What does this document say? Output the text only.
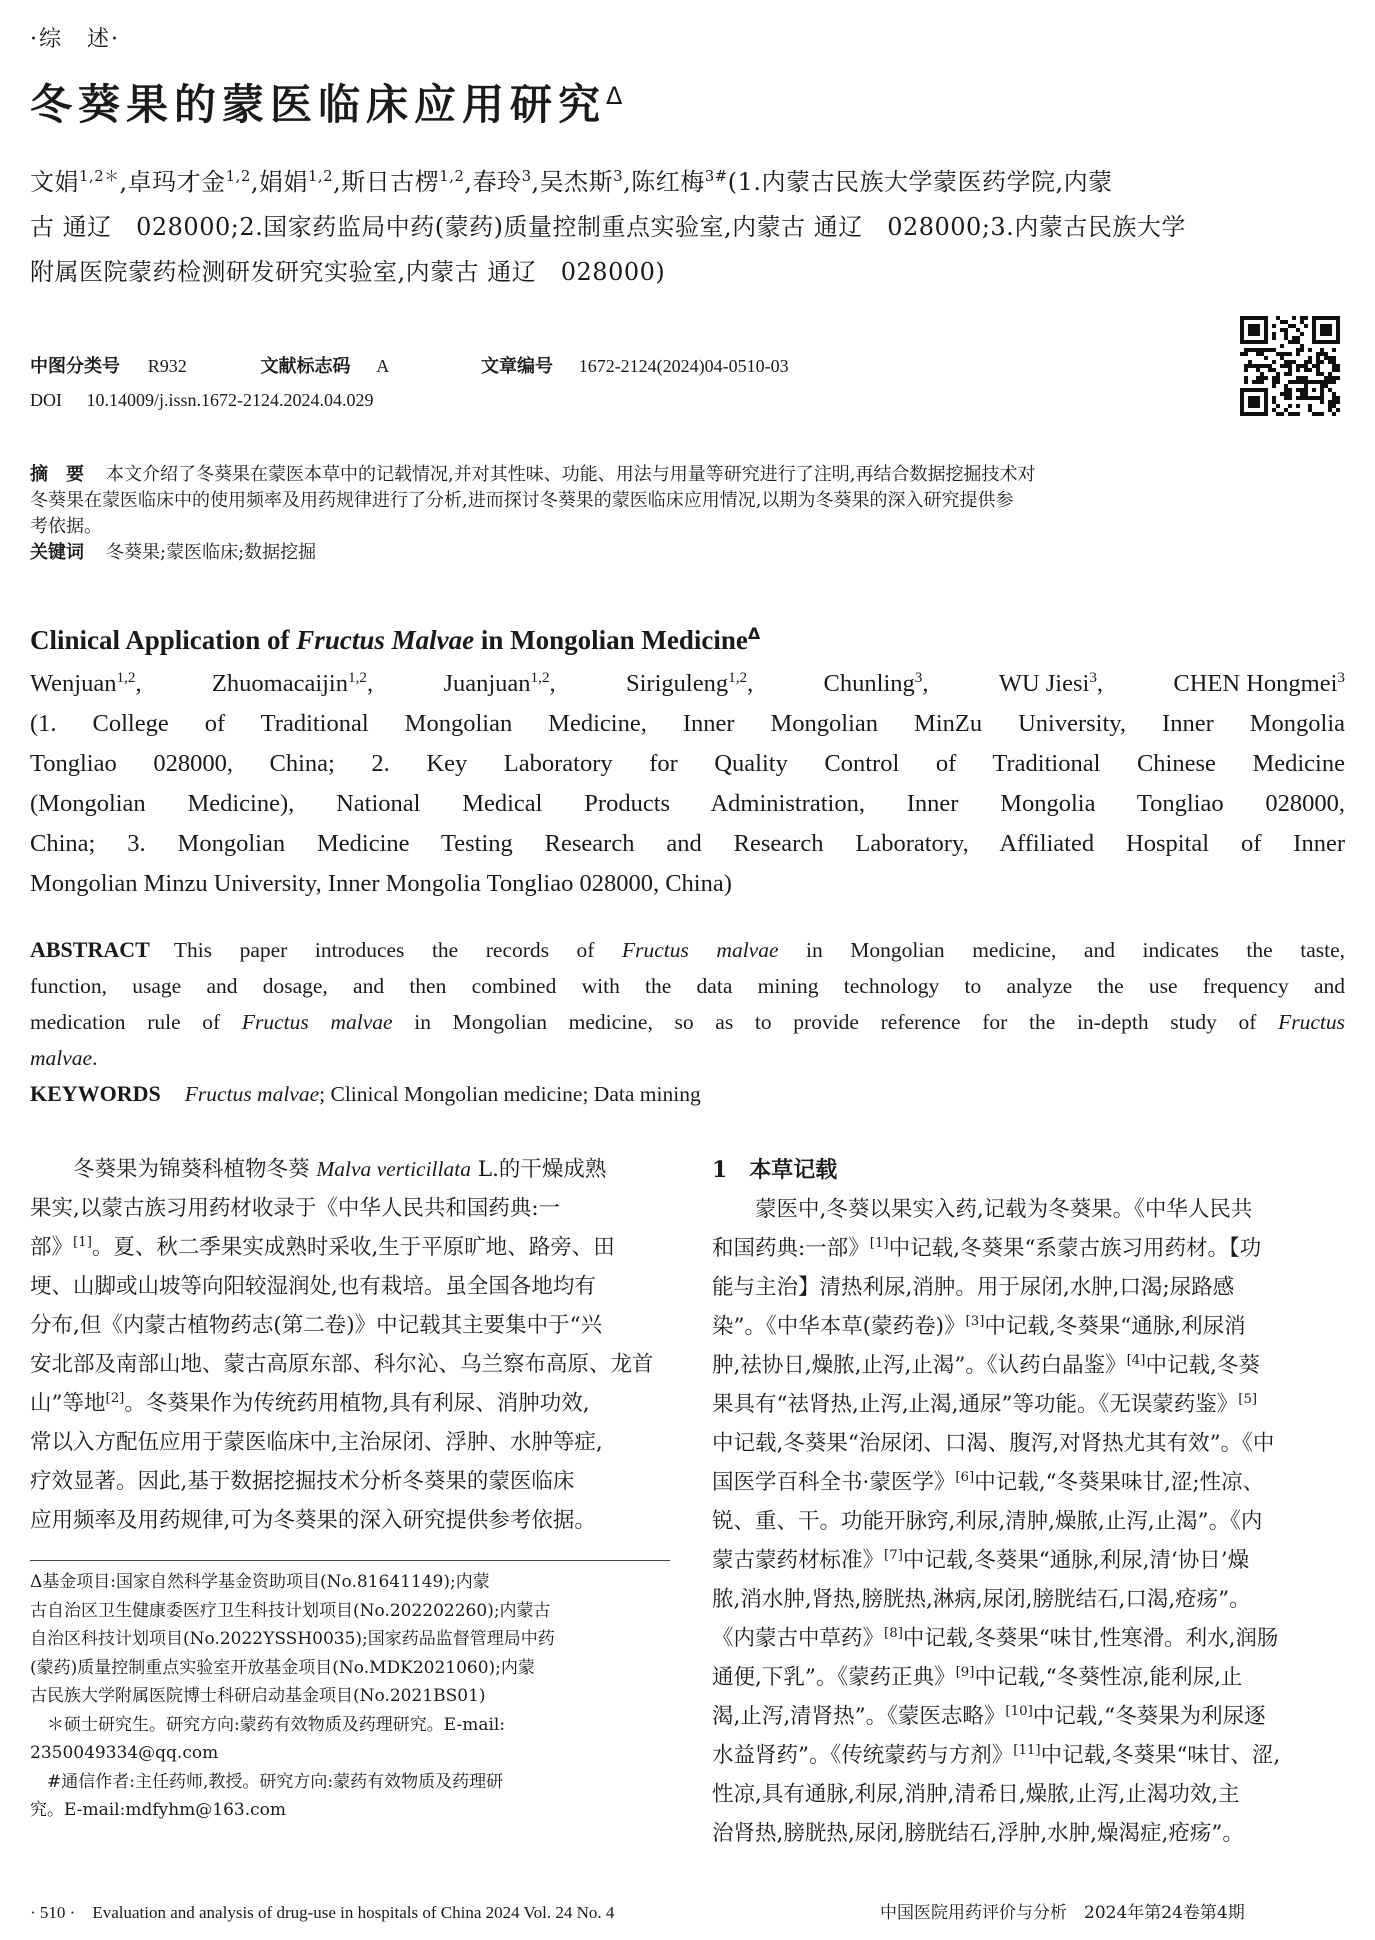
·综　述·
冬葵果的蒙医临床应用研究$^\Delta$
文娟$^{1,2*}$,卓玛才金$^{1,2}$,娟娟$^{1,2}$,斯日古楞$^{1,2}$,春玲$^3$,吴杰斯$^3$,陈红梅$^{3\#}$(1.内蒙古民族大学蒙医药学院,内蒙
古 通辽　028000;2.国家药监局中药(蒙药)质量控制重点实验室,内蒙古 通辽　028000;3.内蒙古民族大学
附属医院蒙药检测研发研究实验室,内蒙古 通辽　028000)
中图分类号 R932	文献标志码 A	文章编号 1672-2124(2024)04-0510-03
DOI 10.14009/j.issn.1672-2124.2024.04.029
摘　要 本文介绍了冬葵果在蒙医本草中的记载情况,并对其性味、功能、用法与用量等研究进行了注明,再结合数据挖掘技术对
冬葵果在蒙医临床中的使用频率及用药规律进行了分析,进而探讨冬葵果的蒙医临床应用情况,以期为冬葵果的深入研究提供参
考依据。
关键词 冬葵果;蒙医临床;数据挖掘
Clinical Application of Fructus Malvae in Mongolian Medicine$^\Delta$
Wenjuan$^{1,2}$,	Zhuomacaijin$^{1,2}$,	Juanjuan$^{1,2}$,	Siriguleng$^{1,2}$,	Chunling$^3$,	WU Jiesi$^3$,	CHEN Hongmei$^3$
(1. College of Traditional Mongolian Medicine, Inner Mongolian MinZu University, Inner Mongolia
Tongliao 028000, China; 2. Key Laboratory for Quality Control of Traditional Chinese Medicine
(Mongolian Medicine), National Medical Products Administration, Inner Mongolia Tongliao 028000,
China; 3. Mongolian Medicine Testing Research and Research Laboratory, Affiliated Hospital of Inner
Mongolian Minzu University, Inner Mongolia Tongliao 028000, China)
ABSTRACT This paper introduces the records of Fructus malvae in Mongolian medicine, and indicates the taste,
function, usage and dosage, and then combined with the data mining technology to analyze the use frequency and
medication rule of Fructus malvae in Mongolian medicine, so as to provide reference for the in-depth study of Fructus
malvae.
KEYWORDS Fructus malvae; Clinical Mongolian medicine; Data mining
　　冬葵果为锦葵科植物冬葵 Malva verticillata L.的干燥成熟
果实,以蒙古族习用药材收录于《中华人民共和国药典:一
部》[1]。夏、秋二季果实成熟时采收,生于平原旷地、路旁、田
埂、山脚或山坡等向阳较湿润处,也有栽培。虽全国各地均有
分布,但《内蒙古植物药志(第二卷)》中记载其主要集中于“兴
安北部及南部山地、蒙古高原东部、科尔沁、乌兰察布高原、龙首
山”等地[2]。冬葵果作为传统药用植物,具有利尿、消肿功效,
常以入方配伍应用于蒙医临床中,主治尿闭、浮肿、水肿等症,
疗效显著。因此,基于数据挖掘技术分析冬葵果的蒙医临床
应用频率及用药规律,可为冬葵果的深入研究提供参考依据。
Δ基金项目:国家自然科学基金资助项目(No.81641149);内蒙
古自治区卫生健康委医疗卫生科技计划项目(No.202202260);内蒙古
自治区科技计划项目(No.2022YSSH0035);国家药品监督管理局中药
(蒙药)质量控制重点实验室开放基金项目(No.MDK2021060);内蒙
古民族大学附属医院博士科研启动基金项目(No.2021BS01)
　＊硕士研究生。研究方向:蒙药有效物质及药理研究。E-mail:
2350049334@qq.com
　#通信作者:主任药师,教授。研究方向:蒙药有效物质及药理研
究。E-mail:mdfyhm@163.com
1　本草记载
　　蒙医中,冬葵以果实入药,记载为冬葵果。《中华人民共
和国药典:一部》[1]中记载,冬葵果“系蒙古族习用药材。【功
能与主治】清热利尿,消肿。用于尿闭,水肿,口渴;尿路感
染”。《中华本草(蒙药卷)》[3]中记载,冬葵果“通脉,利尿消
肿,祛协日,燥脓,止泻,止渴”。《认药白晶鉴》[4]中记载,冬葵
果具有“祛肾热,止泻,止渴,通尿”等功能。《无误蒙药鉴》[5]
中记载,冬葵果“治尿闭、口渴、腹泻,对肾热尤其有效”。《中
国医学百科全书·蒙医学》[6]中记载,“冬葵果味甘,涩;性凉、
锐、重、干。功能开脉窍,利尿,清肿,燥脓,止泻,止渴”。《内
蒙古蒙药材标准》[7]中记载,冬葵果“通脉,利尿,清‘协日’燥
脓,消水肿,肾热,膀胱热,淋病,尿闭,膀胱结石,口渴,疮疡”。
《内蒙古中草药》[8]中记载,冬葵果“味甘,性寒滑。利水,润肠
通便,下乳”。《蒙药正典》[9]中记载,“冬葵性凉,能利尿,止
渴,止泻,清肾热”。《蒙医志略》[10]中记载,“冬葵果为利尿逐
水益肾药”。《传统蒙药与方剂》[11]中记载,冬葵果“味甘、涩,
性凉,具有通脉,利尿,消肿,清希日,燥脓,止泻,止渴功效,主
治肾热,膀胱热,尿闭,膀胱结石,浮肿,水肿,燥渴症,疮疡”。
· 510 ·　Evaluation and analysis of drug-use in hospitals of China 2024 Vol. 24 No. 4	中国医院用药评价与分析　2024年第24卷第4期
